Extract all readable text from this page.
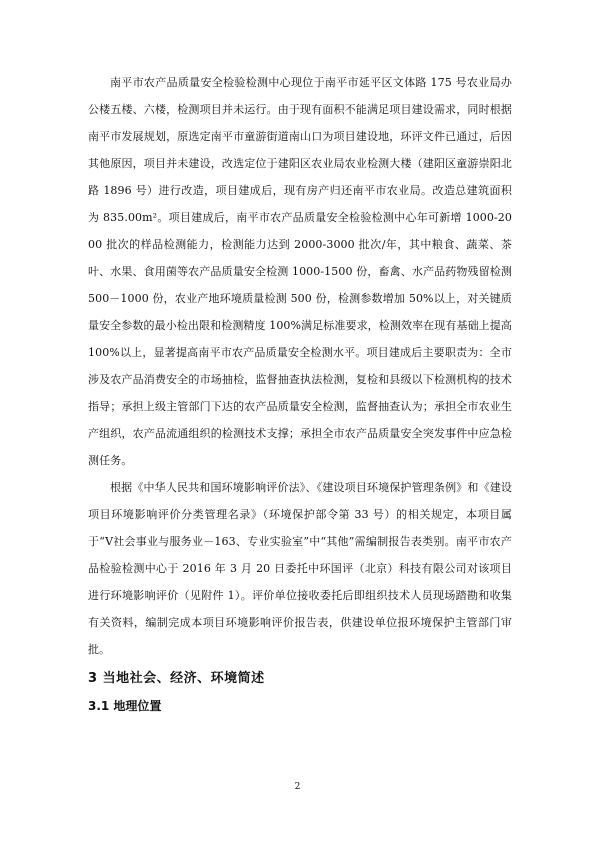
南平市农产品质量安全检验检测中心现位于南平市延平区文体路 175 号农业局办公楼五楼、六楼，检测项目并未运行。由于现有面积不能满足项目建设需求，同时根据南平市发展规划，原选定南平市童游街道南山口为项目建设地，环评文件已通过，后因其他原因，项目并未建设，改选定位于建阳区农业局农业检测大楼（建阳区童游崇阳北路 1896 号）进行改造，项目建成后，现有房产归还南平市农业局。改造总建筑面积为 835.00m²。项目建成后，南平市农产品质量安全检验检测中心年可新增 1000-2000 批次的样品检测能力，检测能力达到 2000-3000 批次/年，其中粮食、蔬菜、茶叶、水果、食用菌等农产品质量安全检测 1000-1500 份，畜禽、水产品药物残留检测 500－1000 份，农业产地环境质量检测 500 份，检测参数增加 50%以上，对关键质量安全参数的最小检出限和检测精度 100%满足标准要求，检测效率在现有基础上提高 100%以上，显著提高南平市农产品质量安全检测水平。项目建成后主要职责为：全市涉及农产品消费安全的市场抽检，监督抽查执法检测，复检和县级以下检测机构的技术指导；承担上级主管部门下达的农产品质量安全检测，监督抽查认为；承担全市农业生产组织，农产品流通组织的检测技术支撑；承担全市农产品质量安全突发事件中应急检测任务。

根据《中华人民共和国环境影响评价法》、《建设项目环境保护管理条例》和《建设项目环境影响评价分类管理名录》（环境保护部令第 33 号）的相关规定，本项目属于“Ⅴ社会事业与服务业－163、专业实验室”中“其他”需编制报告表类别。南平市农产品检验检测中心于 2016 年 3 月 20 日委托中环国评（北京）科技有限公司对该项目进行环境影响评价（见附件 1）。评价单位接收委托后即组织技术人员现场踏勘和收集有关资料，编制完成本项目环境影响评价报告表，供建设单位报环境保护主管部门审批。

3 当地社会、经济、环境简述
3.1 地理位置
2
